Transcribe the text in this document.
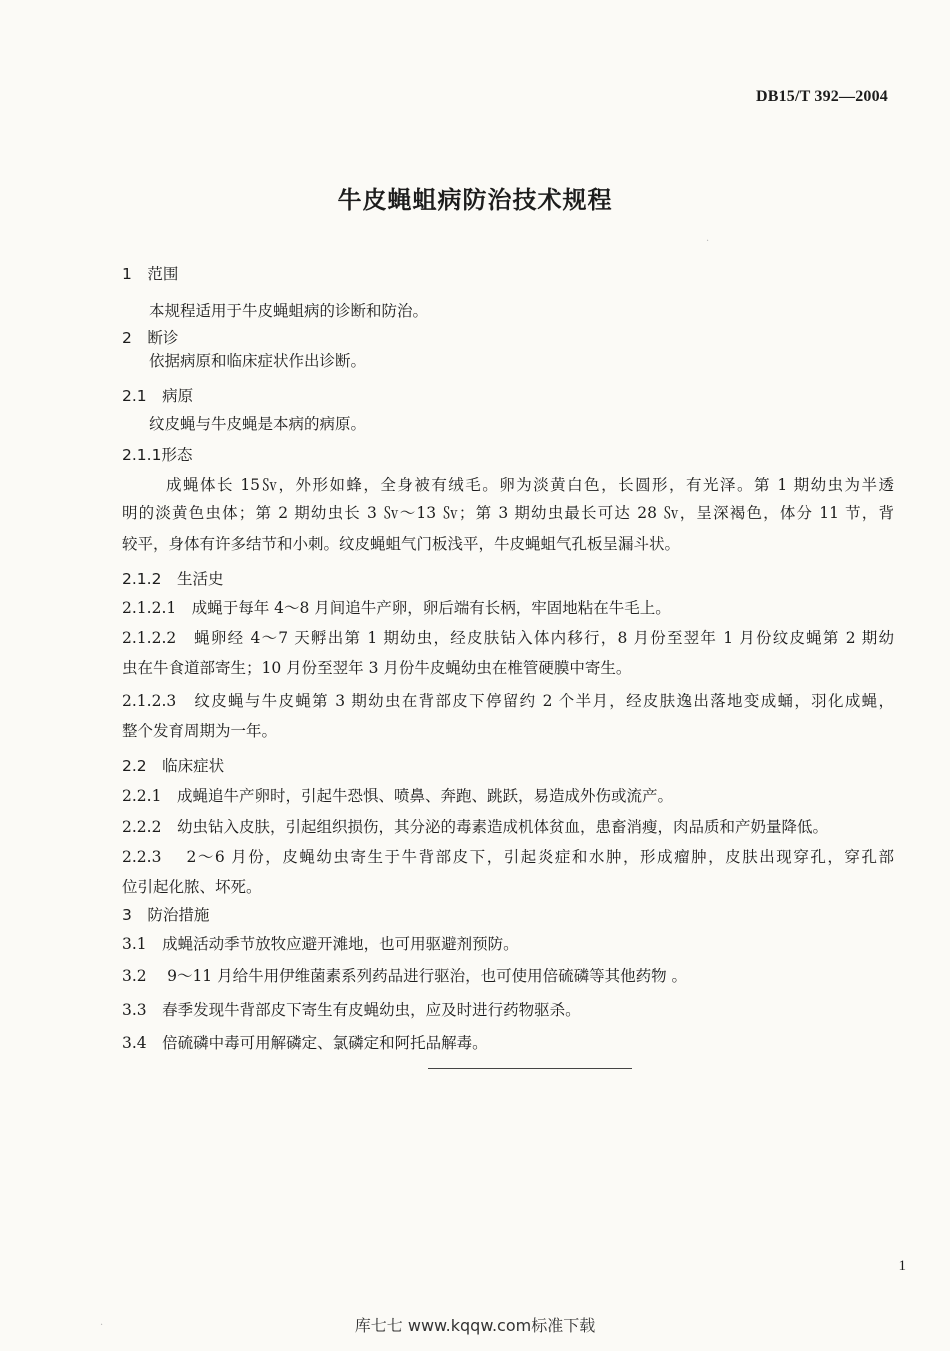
DB15/T 392—2004
牛皮蝇蛆病防治技术规程
1　范围
本规程适用于牛皮蝇蛆病的诊断和防治。
2　断诊
依据病原和临床症状作出诊断。
2.1　病原
纹皮蝇与牛皮蝇是本病的病原。
2.1.1形态
成蝇体长 15㏜，外形如蜂，全身被有绒毛。卵为淡黄白色，长圆形，有光泽。第 1 期幼虫为半透
明的淡黄色虫体；第 2 期幼虫长 3 ㏜～13 ㏜；第 3 期幼虫最长可达 28 ㏜，呈深褐色，体分 11 节，背
较平，身体有许多结节和小刺。纹皮蝇蛆气门板浅平，牛皮蝇蛆气孔板呈漏斗状。
2.1.2　生活史
2.1.2.1　成蝇于每年 4～8 月间追牛产卵，卵后端有长柄，牢固地粘在牛毛上。
2.1.2.2　蝇卵经 4～7 天孵出第 1 期幼虫，经皮肤钻入体内移行，8 月份至翌年 1 月份纹皮蝇第 2 期幼
虫在牛食道部寄生；10 月份至翌年 3 月份牛皮蝇幼虫在椎管硬膜中寄生。
2.1.2.3　纹皮蝇与牛皮蝇第 3 期幼虫在背部皮下停留约 2 个半月，经皮肤逸出落地变成蛹，羽化成蝇，
整个发育周期为一年。
2.2　临床症状
2.2.1　成蝇追牛产卵时，引起牛恐惧、喷鼻、奔跑、跳跃，易造成外伤或流产。
2.2.2　幼虫钻入皮肤，引起组织损伤，其分泌的毒素造成机体贫血，患畜消瘦，肉品质和产奶量降低。
2.2.3　 2～6 月份，皮蝇幼虫寄生于牛背部皮下，引起炎症和水肿，形成瘤肿，皮肤出现穿孔，穿孔部
位引起化脓、坏死。
3　防治措施
3.1　成蝇活动季节放牧应避开滩地，也可用驱避剂预防。
3.2　 9～11 月给牛用伊维菌素系列药品进行驱治，也可使用倍硫磷等其他药物 。
3.3　春季发现牛背部皮下寄生有皮蝇幼虫，应及时进行药物驱杀。
3.4　倍硫磷中毒可用解磷定、氯磷定和阿托品解毒。
1
库七七 www.kqqw.com标准下载
·
·
